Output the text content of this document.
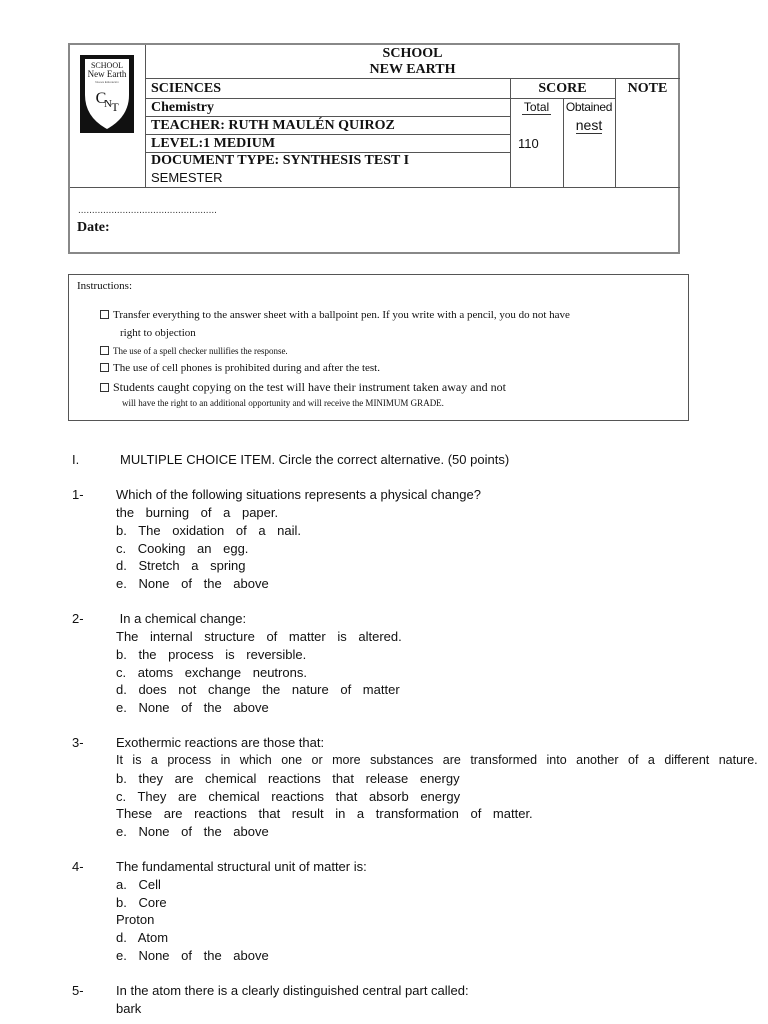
SCHOOL
New Earth
Nueva Educación
C
N T
SCHOOL
NEW EARTH
SCIENCES	SCORE	NOTE
Chemistry	Total	Obtained
nest
TEACHER: RUTH MAULÉN QUIROZ
LEVEL:1 MEDIUM	110
DOCUMENT TYPE: SYNTHESIS TEST I
SEMESTER
..................................................
Date:
Instructions:
Transfer everything to the answer sheet with a ballpoint pen. If you write with a pencil, you do not have
right to objection
The use of a spell checker nullifies the response.
The use of cell phones is prohibited during and after the test.
Students caught copying on the test will have their instrument taken away and not
will have the right to an additional opportunity and will receive the MINIMUM GRADE.
I.	MULTIPLE CHOICE ITEM. Circle the correct alternative. (50 points)
1- Which of the following situations represents a physical change?
the burning of a paper.
b. The oxidation of a nail.
c. Cooking an egg.
d. Stretch a spring
e. None of the above
2- In a chemical change:
The internal structure of matter is altered.
b. the process is reversible.
c. atoms exchange neutrons.
d. does not change the nature of matter
e. None of the above
3- Exothermic reactions are those that:
It is a process in which one or more substances are transformed into another of a different nature.
b. they are chemical reactions that release energy
c. They are chemical reactions that absorb energy
These are reactions that result in a transformation of matter.
e. None of the above
4- The fundamental structural unit of matter is:
a. Cell
b. Core
Proton
d. Atom
e. None of the above
5- In the atom there is a clearly distinguished central part called:
bark
